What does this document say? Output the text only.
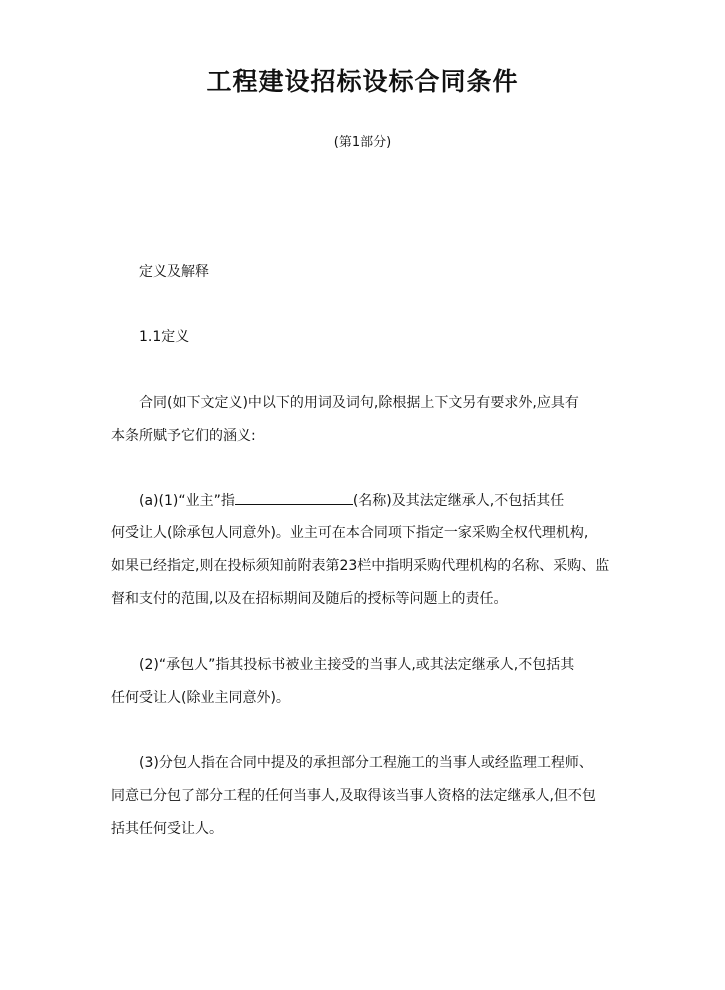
工程建设招标设标合同条件
(第1部分)
定义及解释
1.1定义
合同(如下文定义)中以下的用词及词句,除根据上下文另有要求外,应具有
本条所赋予它们的涵义:
(a)(1)“业主”指	(名称)及其法定继承人,不包括其任
何受让人(除承包人同意外)。业主可在本合同项下指定一家采购全权代理机构,
如果已经指定,则在投标须知前附表第23栏中指明采购代理机构的名称、采购、监
督和支付的范围,以及在招标期间及随后的授标等问题上的责任。
(2)“承包人”指其投标书被业主接受的当事人,或其法定继承人,不包括其
任何受让人(除业主同意外)。
(3)分包人指在合同中提及的承担部分工程施工的当事人或经监理工程师、
同意已分包了部分工程的任何当事人,及取得该当事人资格的法定继承人,但不包
括其任何受让人。
